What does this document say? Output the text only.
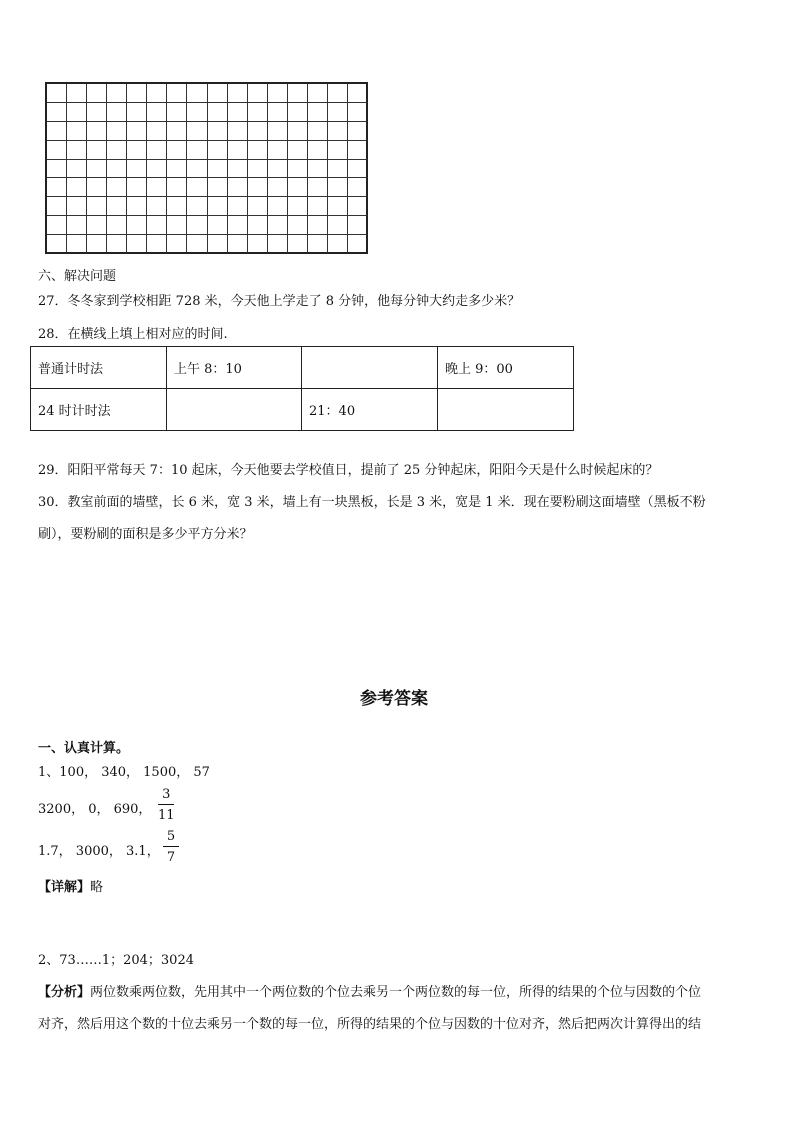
六、解决问题
27．冬冬家到学校相距 728 米，今天他上学走了 8 分钟，他每分钟大约走多少米？
28．在横线上填上相对应的时间.
普通计时法	上午 8：10		晚上 9：00
24 时计时法		21：40	
29．阳阳平常每天 7：10 起床，今天他要去学校值日，提前了 25 分钟起床，阳阳今天是什么时候起床的？
30．教室前面的墙壁，长 6 米，宽 3 米，墙上有一块黑板，长是 3 米，宽是 1 米．现在要粉刷这面墙壁（黑板不粉
刷），要粉刷的面积是多少平方分米？
参考答案
一、认真计算。
1、100， 340， 1500， 57
3200， 0， 690，
3
11
1.7， 3000， 3.1，
5
7
【详解】略
2、73……1；204；3024
【分析】两位数乘两位数，先用其中一个两位数的个位去乘另一个两位数的每一位，所得的结果的个位与因数的个位
对齐，然后用这个数的十位去乘另一个数的每一位，所得的结果的个位与因数的十位对齐，然后把两次计算得出的结
